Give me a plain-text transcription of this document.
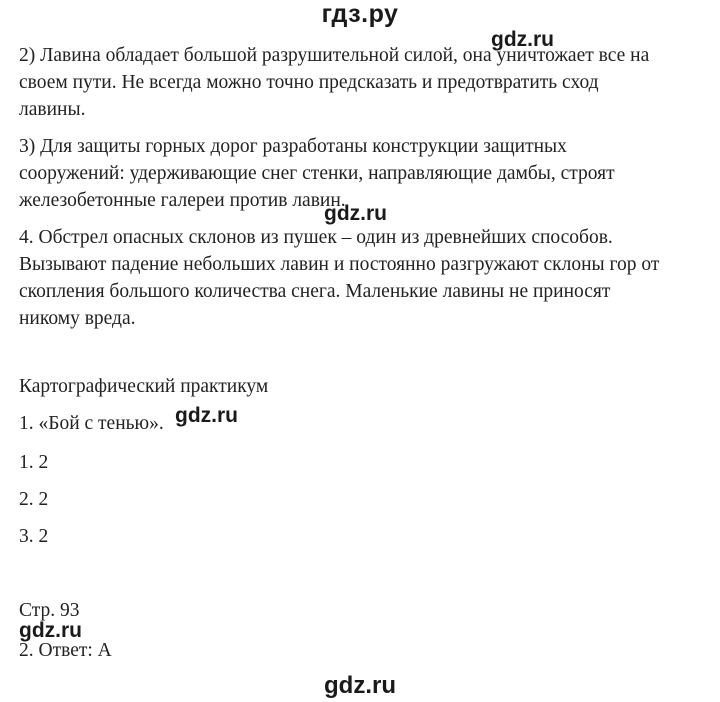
гдз.ру
gdz.ru
2) Лавина обладает большой разрушительной силой, она уничтожает все на
своем пути. Не всегда можно точно предсказать и предотвратить сход
лавины.
3) Для защиты горных дорог разработаны конструкции защитных
сооружений: удерживающие снег стенки, направляющие дамбы, строят
железобетонные галереи против лавин.
gdz.ru
4. Обстрел опасных склонов из пушек – один из древнейших способов.
Вызывают падение небольших лавин и постоянно разгружают склоны гор от
скопления большого количества снега. Маленькие лавины не приносят
никому вреда.
Картографический практикум
1. «Бой с тенью». gdz.ru
1. 2
2. 2
3. 2
Стр. 93
gdz.ru
2. Ответ: А
gdz.ru
